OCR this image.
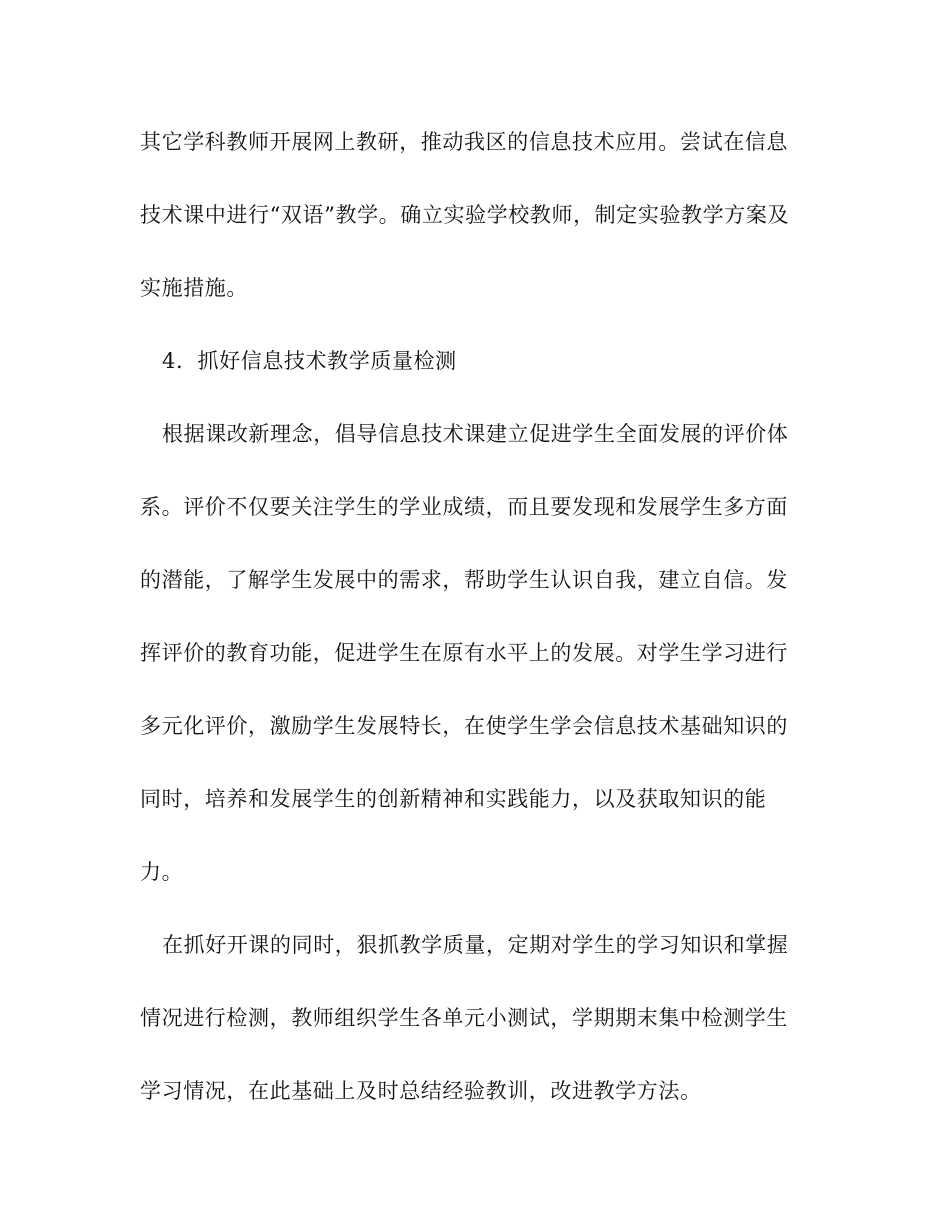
其它学科教师开展网上教研，推动我区的信息技术应用。尝试在信息
技术课中进行“双语”教学。确立实验学校教师，制定实验教学方案及
实施措施。
4．抓好信息技术教学质量检测
根据课改新理念，倡导信息技术课建立促进学生全面发展的评价体
系。评价不仅要关注学生的学业成绩，而且要发现和发展学生多方面
的潜能，了解学生发展中的需求，帮助学生认识自我，建立自信。发
挥评价的教育功能，促进学生在原有水平上的发展。对学生学习进行
多元化评价，激励学生发展特长，在使学生学会信息技术基础知识的
同时，培养和发展学生的创新精神和实践能力，以及获取知识的能
力。
在抓好开课的同时，狠抓教学质量，定期对学生的学习知识和掌握
情况进行检测，教师组织学生各单元小测试，学期期末集中检测学生
学习情况，在此基础上及时总结经验教训，改进教学方法。
